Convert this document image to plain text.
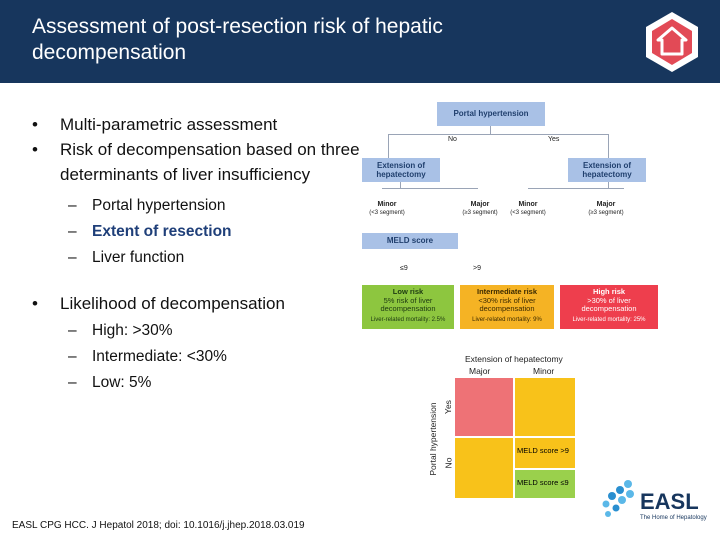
Assessment of post-resection risk of hepatic decompensation
• Multi-parametric assessment
• Risk of decompensation based on three determinants of liver insufficiency
– Portal hypertension
– Extent of resection
– Liver function
• Likelihood of decompensation
– High: >30%
– Intermediate: <30%
– Low: 5%
Portal hypertension
No	Yes
Extension of hepatectomy
Extension of hepatectomy
Minor
(<3 segment)
Major
(≥3 segment)
Minor
(<3 segment)
Major
(≥3 segment)
MELD score
≤9	>9
Low risk
5% risk of liver decompensation
Liver-related mortality: 2.5%
Intermediate risk
<30% risk of liver decompensation
Liver-related mortality: 9%
High risk
>30% of liver decompensation
Liver-related mortality: 25%
Extension of hepatectomy
Major	Minor
Portal hypertension Yes
No
MELD score >9
MELD score ≤9
EASL CPG HCC. J Hepatol 2018; doi: 10.1016/j.jhep.2018.03.019
EASL
The Home of Hepatology
